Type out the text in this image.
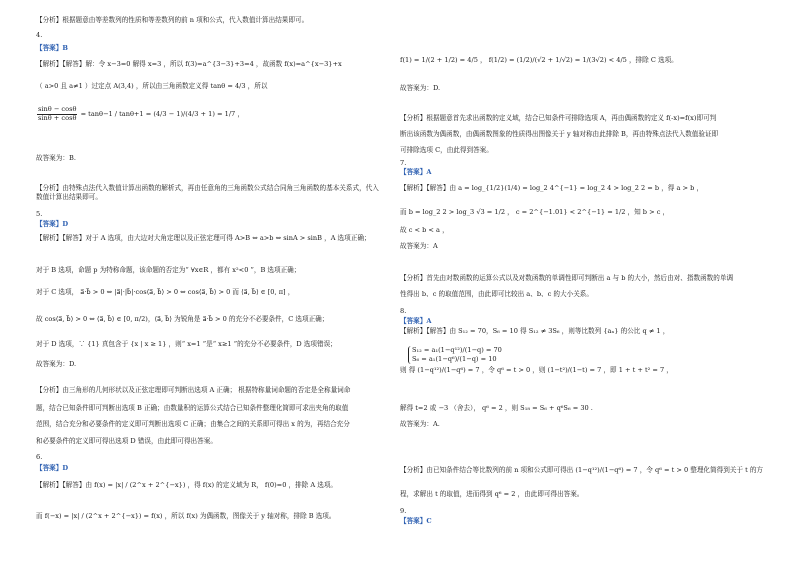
【分析】根据题意由等差数列的性质和等差数列的前 n 项和公式，代入数值计算出结果即可。
4.
【答案】B
【解析】【解答】解：令 x−3=0 解得 x=3 ，所以 f(3)=a^{3−3}+3=4 ，故函数 f(x)=a^{x−3}+x
（ a>0 且 a≠1 ）过定点 A(3,4) ，所以由三角函数定义得 tanθ = 4/3 ，所以
$\frac{\sin\theta - \cos\theta}{\sin\theta + \cos\theta} = \tan\theta-1 / \tan\theta+1 = (4/3 - 1)/(4/3 + 1) = 1/7$ ，
故答案为：B.
【分析】由特殊点法代入数值计算出函数的解析式，再由任意角的三角函数公式结合同角三角函数的基本关系式，代入数值计算出结果即可。
5.
【答案】D
【解析】【解答】对于 A 选项，由大边对大角定理以及正弦定理可得 A>B ⇔ a>b ⇔ sinA > sinB ，A 选项正确；
对于 B 选项，命题 p 为特称命题，该命题的否定为“ ∀x∈R ，都有 x²<0 ”，B 选项正确；
对于 C 选项， a⃗·b⃗ > 0 ⇔ |a⃗|·|b⃗|·cos⟨a⃗, b⃗⟩ > 0 ⇔ cos⟨a⃗, b⃗⟩ > 0 而 ⟨a⃗, b⃗⟩ ∈ [0, π] ，
故 cos⟨a⃗, b⃗⟩ > 0 ⇔ ⟨a⃗, b⃗⟩ ∈ [0, π/2)，⟨a⃗, b⃗⟩ 为锐角是 a⃗·b⃗ > 0 的充分不必要条件，C 选项正确；
对于 D 选项，∵ {1} 真包含于 {x | x ≥ 1} ，则“ x=1 ”是“ x≥1 ”的充分不必要条件，D 选项错误；
故答案为：D.
【分析】由三角形的几何形状以及正弦定理即可判断出选项 A 正确； 根据特称量词命题的否定是全称量词命
题，结合已知条件即可判断出选项 B 正确；由数量积的运算公式结合已知条件整理化简即可求出夹角的取值
范围，结合充分和必要条件的定义即可判断出选项 C 正确；由集合之间的关系即可得出 x 的为，再结合充分
和必要条件的定义即可得出选项 D 错误，由此即可得出答案。
6.
【答案】D
【解析】【解答】由 f(x) = |x| / (2^x + 2^{−x}) ，得 f(x) 的定义域为 R， f(0)=0 ，排除 A 选项。
而 f(−x) = |x| / (2^x + 2^{−x}) = f(x) ，所以 f(x) 为偶函数，图像关于 y 轴对称，排除 B 选项。
f(1) = 1/(2 + 1/2) = 4/5 ， f(1/2) = (1/2)/(√2 + 1/√2) = 1/(3√2) < 4/5 ，排除 C 选项。
故答案为：D.
【分析】根据题意首先求出函数的定义域，结合已知条件可排除选项 A，再由偶函数的定义 f(-x)=f(x)即可判
断出该函数为偶函数，由偶函数图象的性质得出图像关于 y 轴对称由此排除 B，再由特殊点法代入数值验证即
可排除选项 C，由此得到答案。
7.
【答案】A
【解析】【解答】由 a = log_{1/2}(1/4) = log_2 4^{−1} = log_2 4 > log_2 2 = b ，得 a > b ，
而 b = log_2 2 > log_3 √3 = 1/2 ， c = 2^{−1.01} < 2^{−1} = 1/2 ，知 b > c ，
故 c < b < a ，
故答案为：A
【分析】首先由对数函数的运算公式以及对数函数的单调性即可判断出 a 与 b 的大小，然后由对、指数函数的单调
性得出 b、c 的取值范围，由此即可比较出 a、b、c 的大小关系。
8.
【答案】A
【解析】【解答】由 S₁₂ = 70，S₆ = 10 得 S₁₂ ≠ 3S₆ ，则等比数列 {aₙ} 的公比 q ≠ 1 ，
S₁₂ = a₁(1−q¹²)/(1−q) = 70
S₆ = a₁(1−q⁶)/(1−q) = 10
则 得 (1−q¹²)/(1−q⁶) = 7 ，令 q⁶ = t > 0 ，则 (1−t²)/(1−t) = 7 ，即 1 + t + t² = 7 ，
解得 t=2 或 −3 （舍去）， q⁶ = 2 ，则 S₁₈ = S₆ + q⁶S₆ = 30 .
故答案为：A.
【分析】由已知条件结合等比数列的前 n 项和公式即可得出 (1−q¹²)/(1−q⁶) = 7 ，令 q⁶ = t > 0 整理化简得到关于 t 的方
程，求解出 t 的取值，进而得到 q⁶ = 2 ，由此即可得出答案。
9.
【答案】C
